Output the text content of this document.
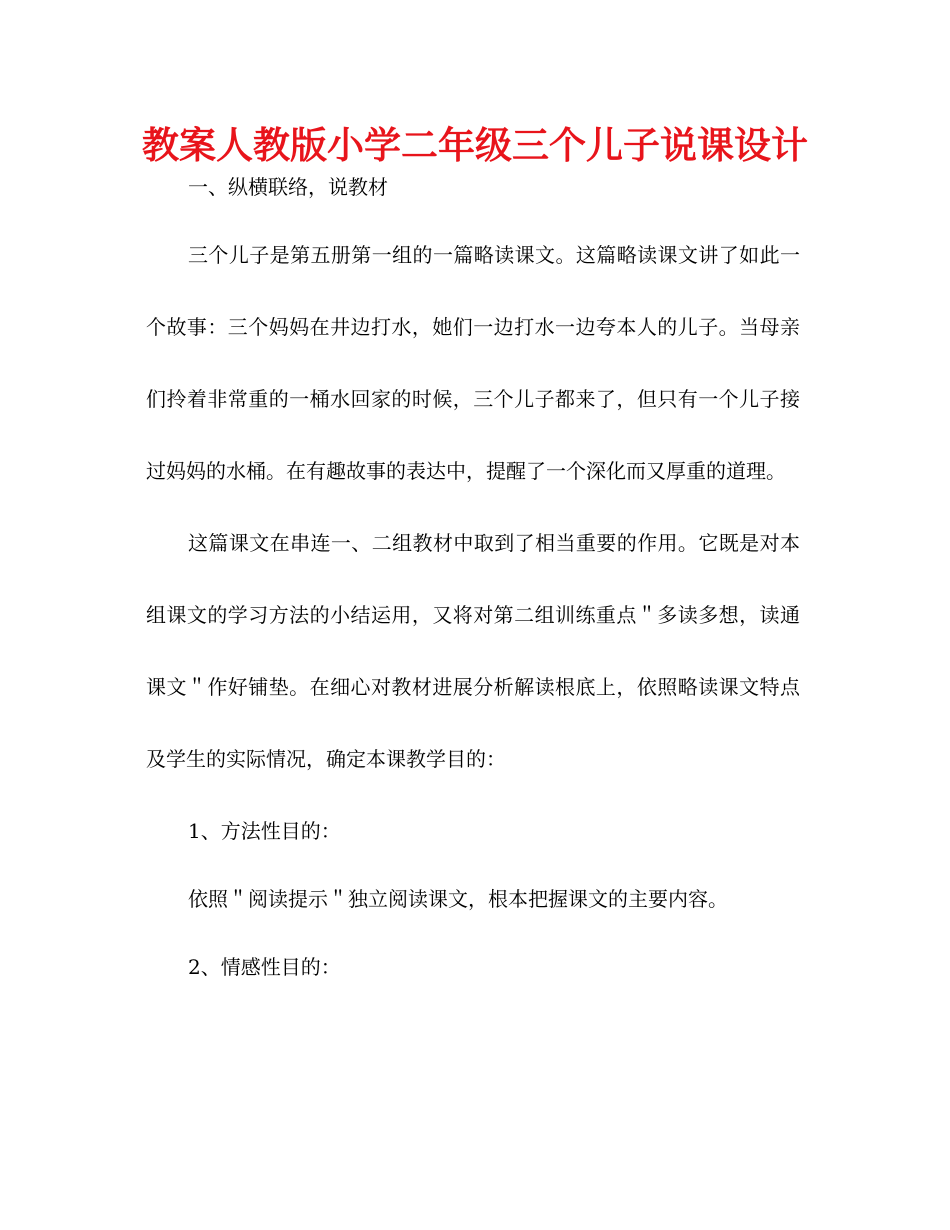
教案人教版小学二年级三个儿子说课设计

一、纵横联络，说教材

三个儿子是第五册第一组的一篇略读课文。这篇略读课文讲了如此一个故事：三个妈妈在井边打水，她们一边打水一边夸本人的儿子。当母亲们拎着非常重的一桶水回家的时候，三个儿子都来了，但只有一个儿子接过妈妈的水桶。在有趣故事的表达中，提醒了一个深化而又厚重的道理。

这篇课文在串连一、二组教材中取到了相当重要的作用。它既是对本组课文的学习方法的小结运用，又将对第二组训练重点＂多读多想，读通课文＂作好铺垫。在细心对教材进展分析解读根底上，依照略读课文特点及学生的实际情况，确定本课教学目的：

1、方法性目的：

依照＂阅读提示＂独立阅读课文，根本把握课文的主要内容。

2、情感性目的：
